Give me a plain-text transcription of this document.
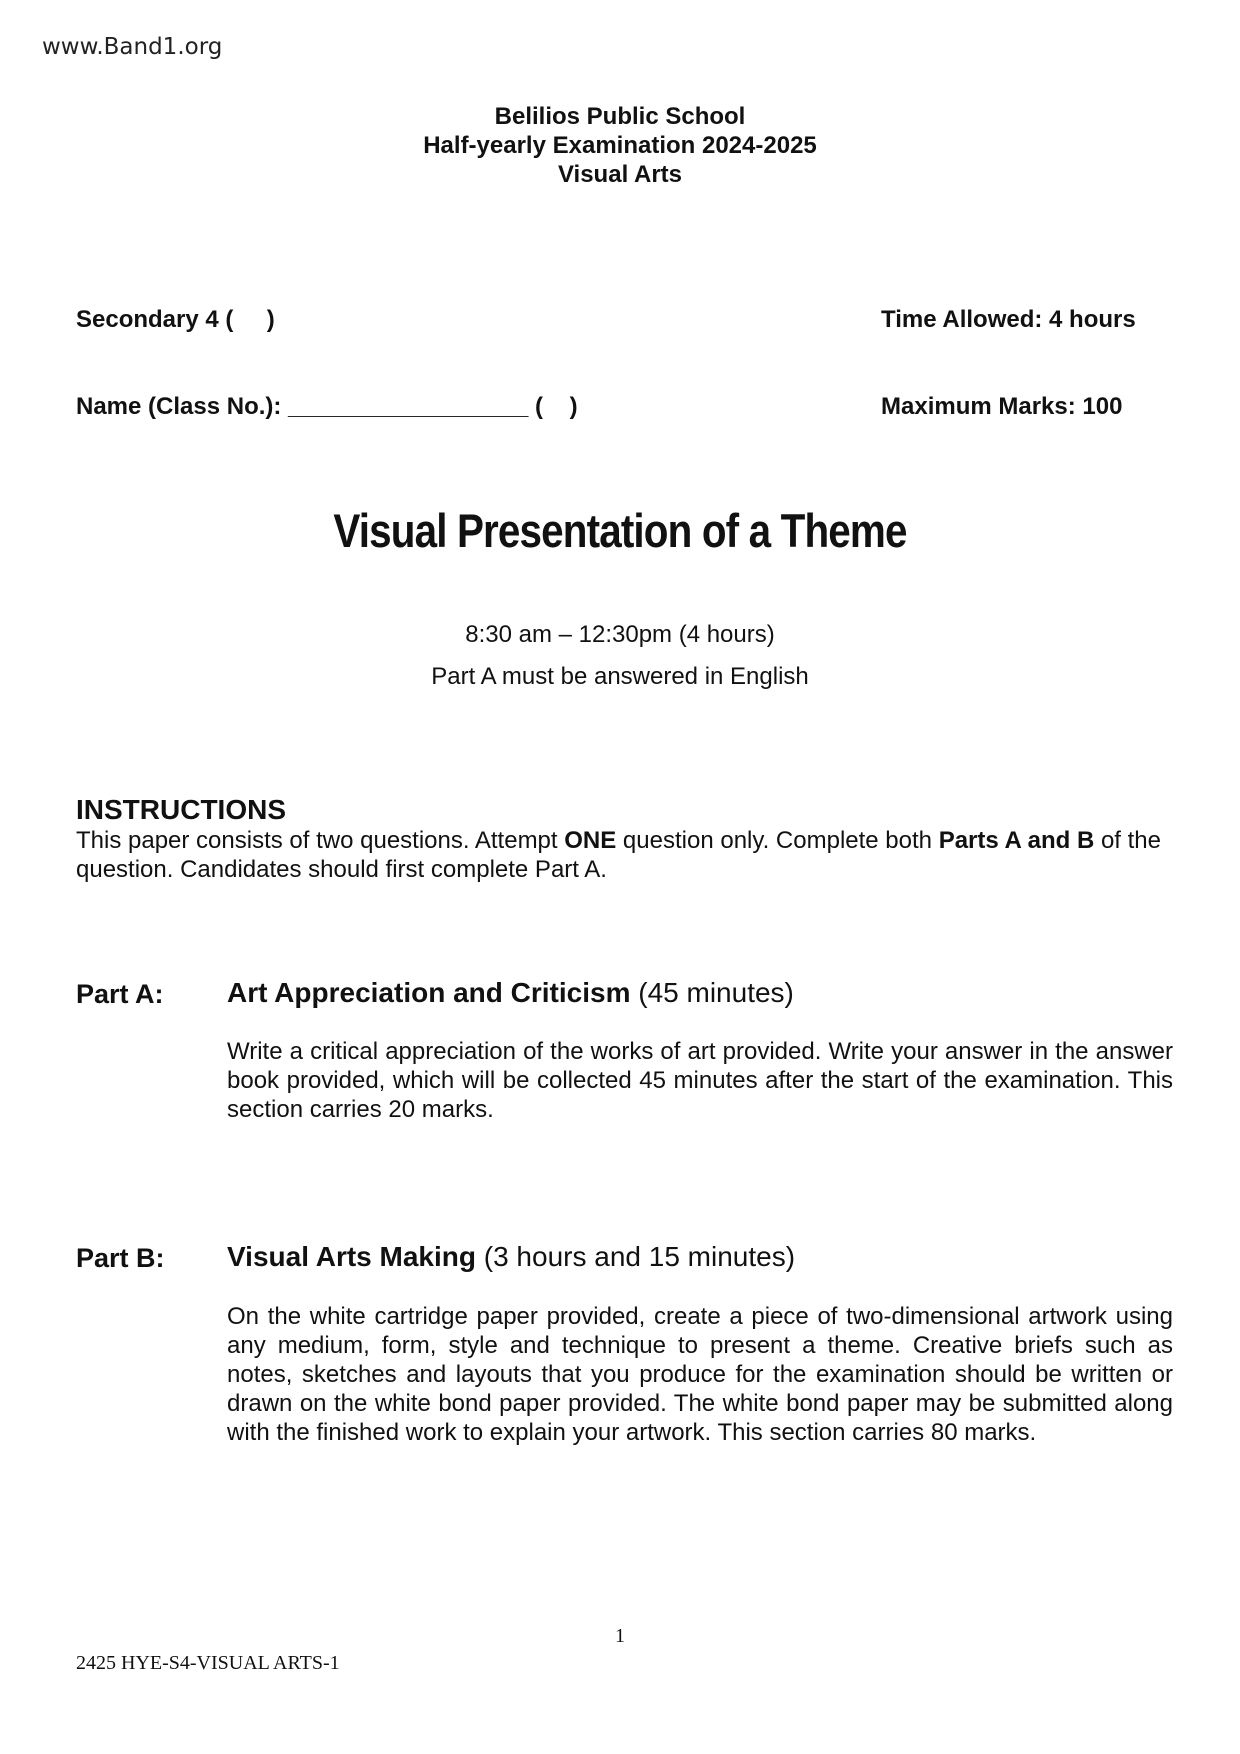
www.Band1.org
Belilios Public School
Half-yearly Examination 2024-2025
Visual Arts

Secondary 4 (     )

Name (Class No.): __________________ (    )

Time Allowed: 4 hours

Maximum Marks: 100

Visual Presentation of a Theme
8:30 am – 12:30pm (4 hours)
Part A must be answered in English
INSTRUCTIONS
This paper consists of two questions. Attempt ONE question only. Complete both Parts A and B of the question. Candidates should first complete Part A.
Part A: Art Appreciation and Criticism (45 minutes)
Write a critical appreciation of the works of art provided. Write your answer in the answer book provided, which will be collected 45 minutes after the start of the examination. This section carries 20 marks.
Part B: Visual Arts Making (3 hours and 15 minutes)
On the white cartridge paper provided, create a piece of two-dimensional artwork using any medium, form, style and technique to present a theme. Creative briefs such as notes, sketches and layouts that you produce for the examination should be written or drawn on the white bond paper provided. The white bond paper may be submitted along with the finished work to explain your artwork. This section carries 80 marks.
1
2425 HYE-S4-VISUAL ARTS-1
